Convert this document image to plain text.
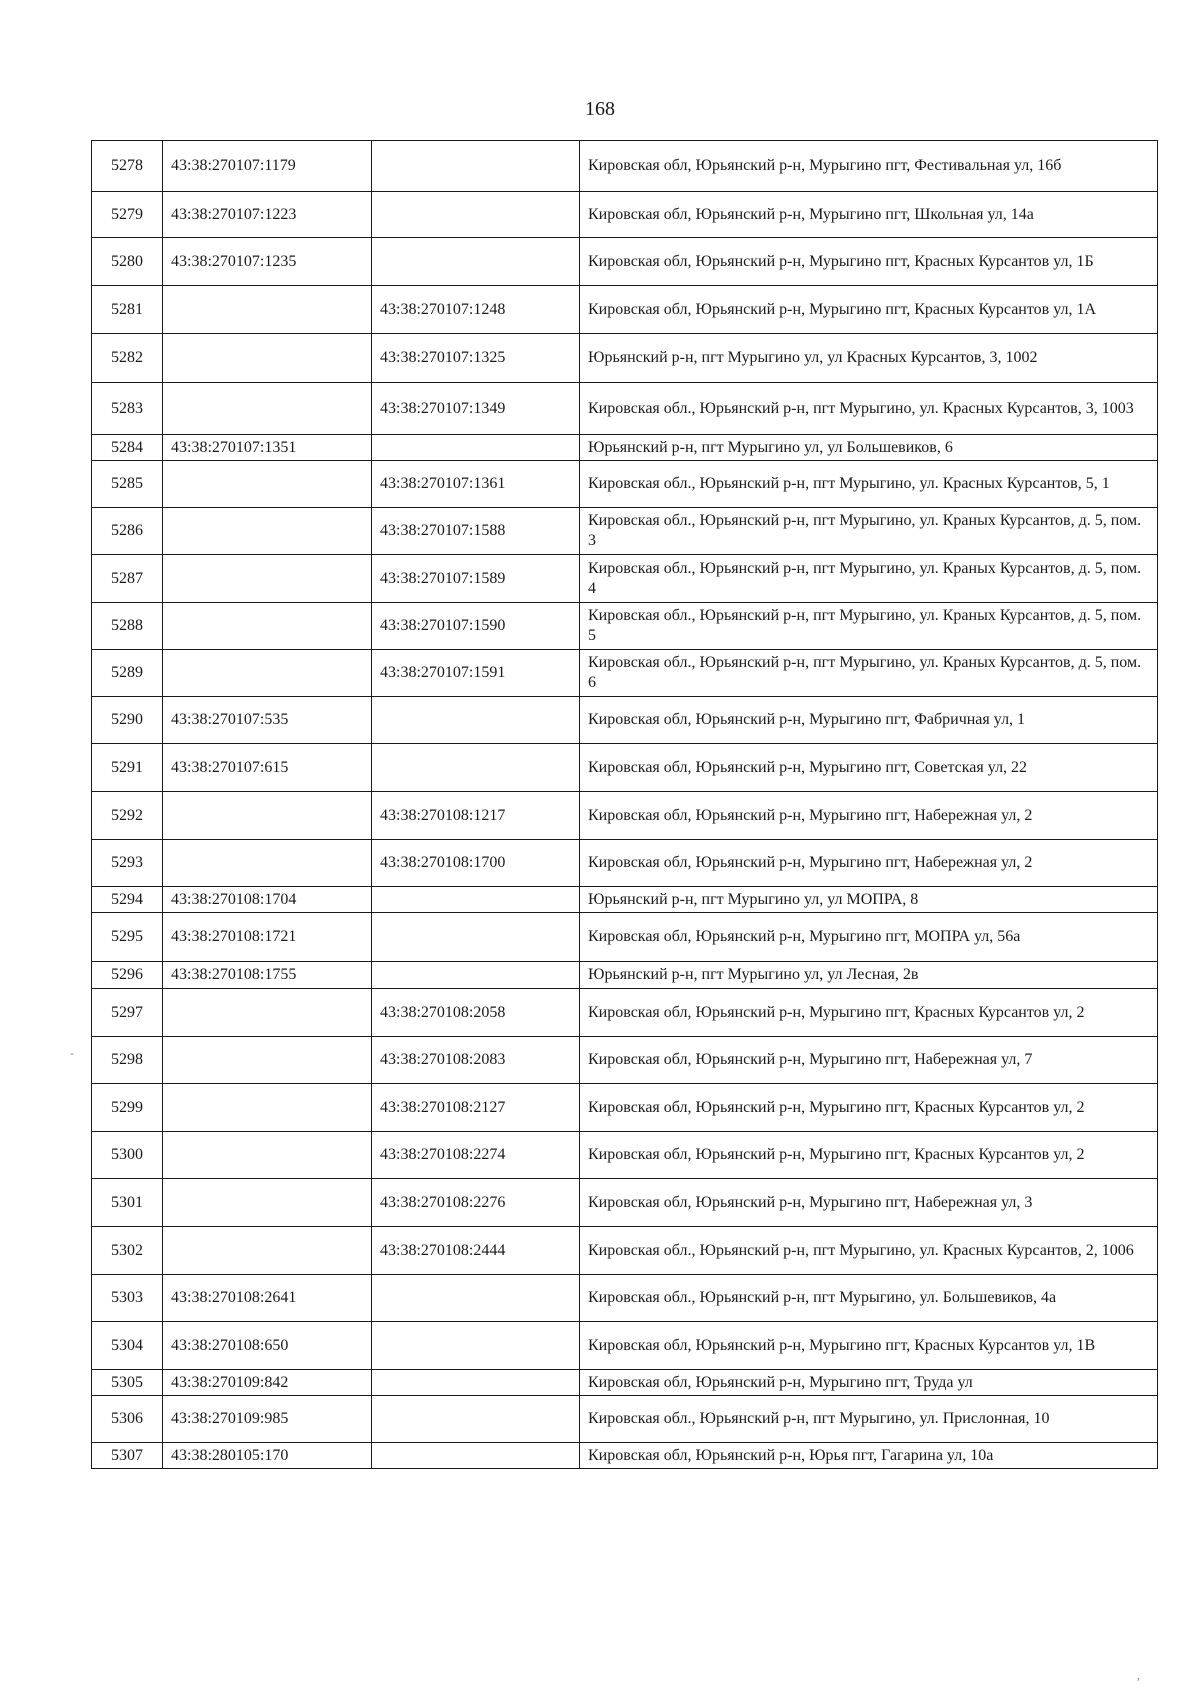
168
5278	43:38:270107:1179		Кировская обл, Юрьянский р-н, Мурыгино пгт, Фестивальная ул, 16б
5279	43:38:270107:1223		Кировская обл, Юрьянский р-н, Мурыгино пгт, Школьная ул, 14а
5280	43:38:270107:1235		Кировская обл, Юрьянский р-н, Мурыгино пгт, Красных Курсантов ул, 1Б
5281		43:38:270107:1248	Кировская обл, Юрьянский р-н, Мурыгино пгт, Красных Курсантов ул, 1А
5282		43:38:270107:1325	Юрьянский р-н, пгт Мурыгино ул, ул Красных Курсантов, 3, 1002
5283		43:38:270107:1349	Кировская обл., Юрьянский р-н, пгт Мурыгино, ул. Красных Курсантов, 3, 1003
5284	43:38:270107:1351		Юрьянский р-н, пгт Мурыгино ул, ул Большевиков, 6
5285		43:38:270107:1361	Кировская обл., Юрьянский р-н, пгт Мурыгино, ул. Красных Курсантов, 5, 1
5286		43:38:270107:1588	Кировская обл., Юрьянский р-н, пгт Мурыгино, ул. Краных Курсантов, д. 5, пом. 3
5287		43:38:270107:1589	Кировская обл., Юрьянский р-н, пгт Мурыгино, ул. Краных Курсантов, д. 5, пом. 4
5288		43:38:270107:1590	Кировская обл., Юрьянский р-н, пгт Мурыгино, ул. Краных Курсантов, д. 5, пом. 5
5289		43:38:270107:1591	Кировская обл., Юрьянский р-н, пгт Мурыгино, ул. Краных Курсантов, д. 5, пом. 6
5290	43:38:270107:535		Кировская обл, Юрьянский р-н, Мурыгино пгт, Фабричная ул, 1
5291	43:38:270107:615		Кировская обл, Юрьянский р-н, Мурыгино пгт, Советская ул, 22
5292		43:38:270108:1217	Кировская обл, Юрьянский р-н, Мурыгино пгт, Набережная ул, 2
5293		43:38:270108:1700	Кировская обл, Юрьянский р-н, Мурыгино пгт, Набережная ул, 2
5294	43:38:270108:1704		Юрьянский р-н, пгт Мурыгино ул, ул МОПРА, 8
5295	43:38:270108:1721		Кировская обл, Юрьянский р-н, Мурыгино пгт, МОПРА ул, 56а
5296	43:38:270108:1755		Юрьянский р-н, пгт Мурыгино ул, ул Лесная, 2в
5297		43:38:270108:2058	Кировская обл, Юрьянский р-н, Мурыгино пгт, Красных Курсантов ул, 2
5298		43:38:270108:2083	Кировская обл, Юрьянский р-н, Мурыгино пгт, Набережная ул, 7
5299		43:38:270108:2127	Кировская обл, Юрьянский р-н, Мурыгино пгт, Красных Курсантов ул, 2
5300		43:38:270108:2274	Кировская обл, Юрьянский р-н, Мурыгино пгт, Красных Курсантов ул, 2
5301		43:38:270108:2276	Кировская обл, Юрьянский р-н, Мурыгино пгт, Набережная ул, 3
5302		43:38:270108:2444	Кировская обл., Юрьянский р-н, пгт Мурыгино, ул. Красных Курсантов, 2, 1006
5303	43:38:270108:2641		Кировская обл., Юрьянский р-н, пгт Мурыгино, ул. Большевиков, 4а
5304	43:38:270108:650		Кировская обл, Юрьянский р-н, Мурыгино пгт, Красных Курсантов ул, 1В
5305	43:38:270109:842		Кировская обл, Юрьянский р-н, Мурыгино пгт, Труда ул
5306	43:38:270109:985		Кировская обл., Юрьянский р-н, пгт Мурыгино, ул. Прислонная, 10
5307	43:38:280105:170		Кировская обл, Юрьянский р-н, Юрья пгт, Гагарина ул, 10а
-
,
